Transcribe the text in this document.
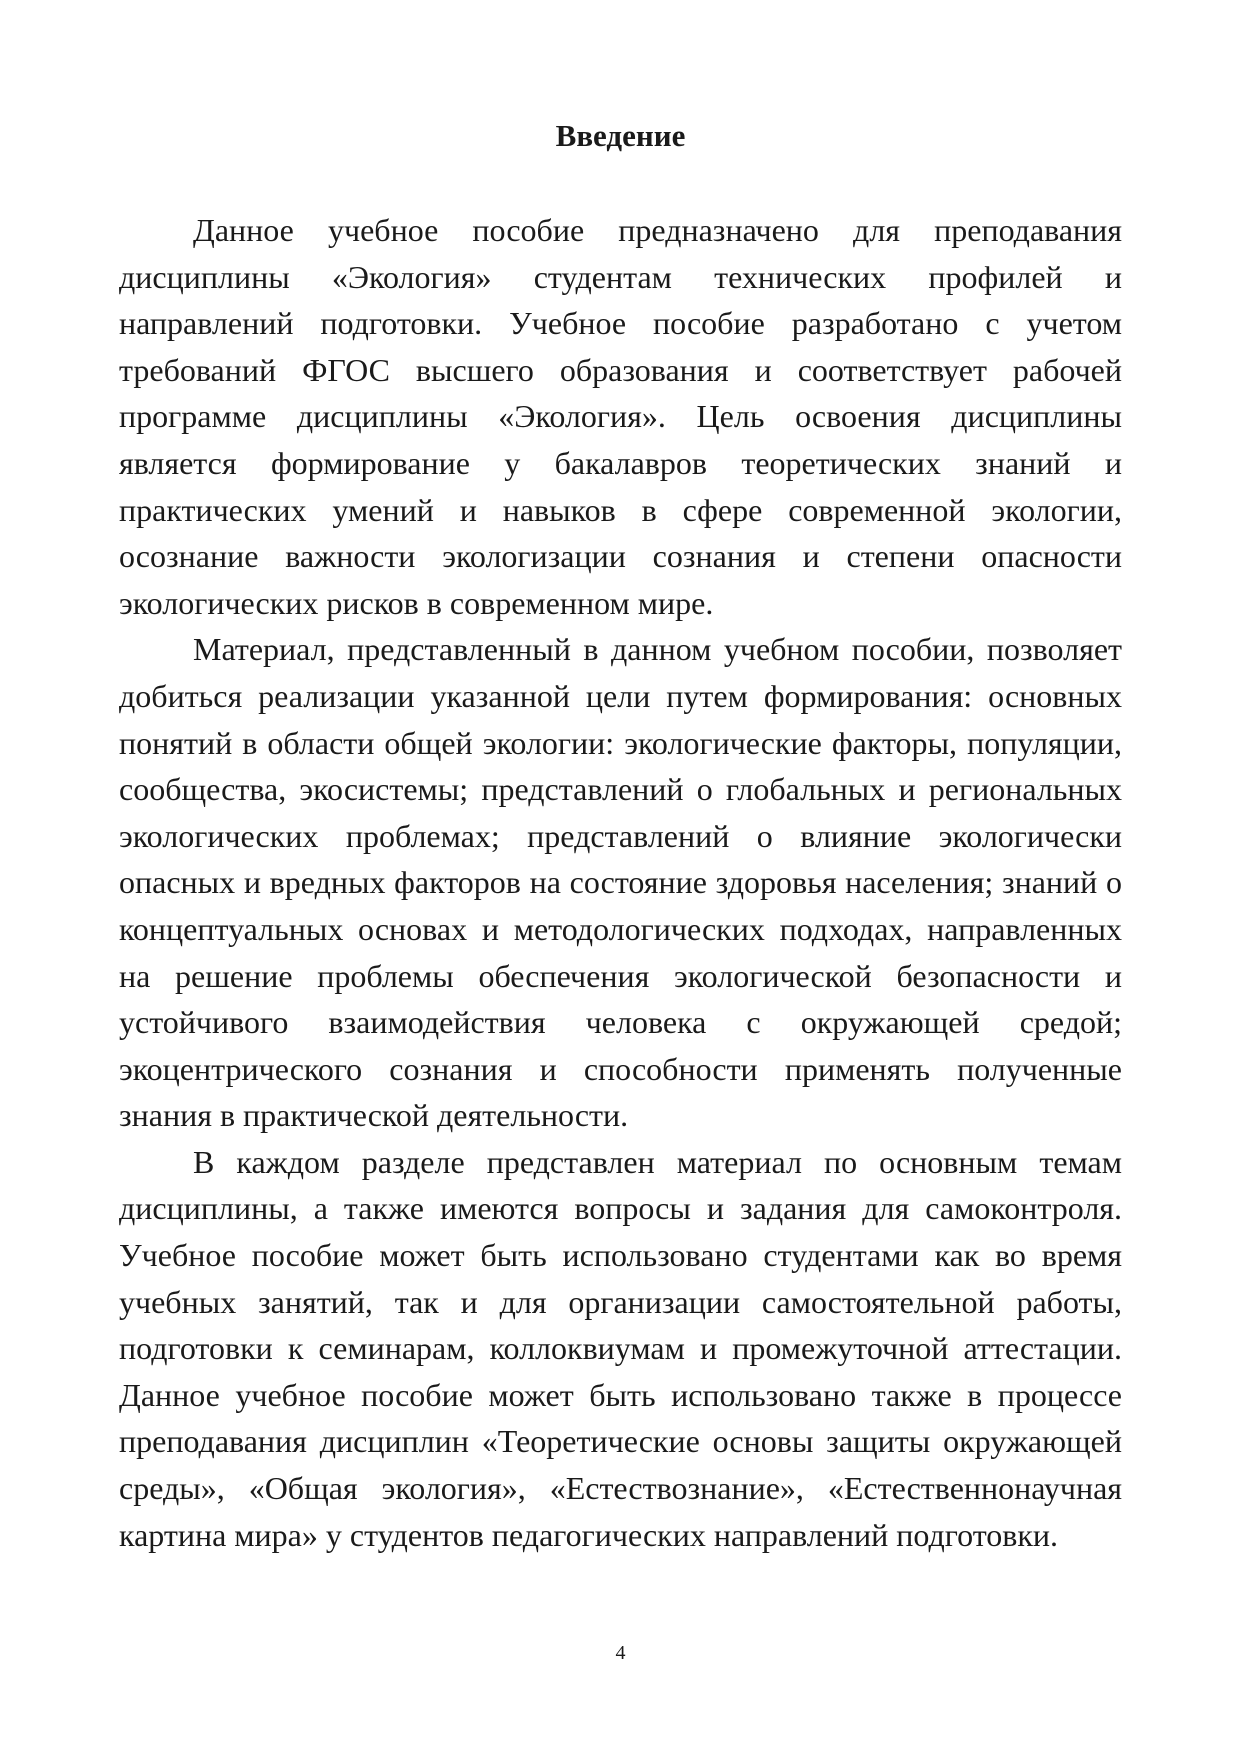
Введение

Данное учебное пособие предназначено для преподавания дисциплины «Экология» студентам технических профилей и направлений подготовки. Учебное пособие разработано с учетом требований ФГОС высшего образования и соответствует рабочей программе дисциплины «Экология». Цель освоения дисциплины является формирование у бакалавров теоретических знаний и практических умений и навыков в сфере современной экологии, осознание важности экологизации сознания и степени опасности экологических рисков в современном мире.

Материал, представленный в данном учебном пособии, позволяет добиться реализации указанной цели путем формирования: основных понятий в области общей экологии: экологические факторы, популяции, сообщества, экосистемы; представлений о глобальных и региональных экологических проблемах; представлений о влияние экологически опасных и вредных факторов на состояние здоровья населения; знаний о концептуальных основах и методологических подходах, направленных на решение проблемы обеспечения экологической безопасности и устойчивого взаимодействия человека с окружающей средой; экоцентрического сознания и способности применять полученные знания в практической деятельности.

В каждом разделе представлен материал по основным темам дисциплины, а также имеются вопросы и задания для самоконтроля. Учебное пособие может быть использовано студентами как во время учебных занятий, так и для организации самостоятельной работы, подготовки к семинарам, коллоквиумам и промежуточной аттестации. Данное учебное пособие может быть использовано также в процессе преподавания дисциплин «Теоретические основы защиты окружающей среды», «Общая экология», «Естествознание», «Естественнонаучная картина мира» у студентов педагогических направлений подготовки.

4
